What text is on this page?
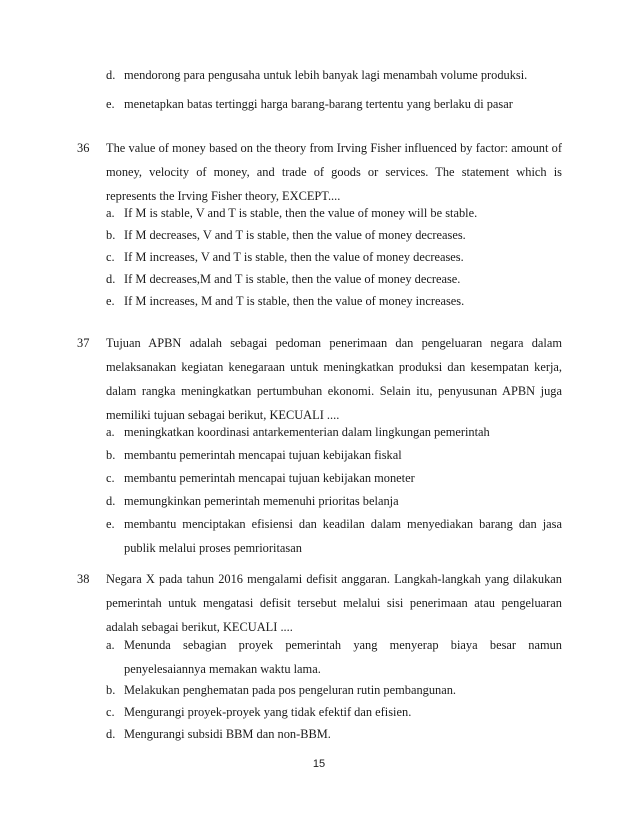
d. mendorong para pengusaha untuk lebih banyak lagi menambah volume produksi.

e. menetapkan batas tertinggi harga barang-barang tertentu yang berlaku di pasar

36 The value of money based on the theory from Irving Fisher influenced by factor: amount of money, velocity of money, and trade of goods or services. The statement which is represents the Irving Fisher theory, EXCEPT....

a. If M is stable, V and T is stable, then the value of money will be stable.

b. If M decreases, V and T is stable, then the value of money decreases.

c. If M increases, V and T is stable, then the value of money decreases.

d. If M decreases,M and T is stable, then the value of money decrease.

e. If M increases, M and T is stable, then the value of money increases.

37 Tujuan APBN adalah sebagai pedoman penerimaan dan pengeluaran negara dalam melaksanakan kegiatan kenegaraan untuk meningkatkan produksi dan kesempatan kerja, dalam rangka meningkatkan pertumbuhan ekonomi. Selain itu, penyusunan APBN juga memiliki tujuan sebagai berikut, KECUALI ....

a. meningkatkan koordinasi antarkementerian dalam lingkungan pemerintah

b. membantu pemerintah mencapai tujuan kebijakan fiskal

c. membantu pemerintah mencapai tujuan kebijakan moneter

d. memungkinkan pemerintah memenuhi prioritas belanja

e. membantu menciptakan efisiensi dan keadilan dalam menyediakan barang dan jasa publik melalui proses pemrioritasan

38 Negara X pada tahun 2016 mengalami defisit anggaran. Langkah-langkah yang dilakukan pemerintah untuk mengatasi defisit tersebut melalui sisi penerimaan atau pengeluaran adalah sebagai berikut, KECUALI ....

a. Menunda sebagian proyek pemerintah yang menyerap biaya besar namun penyelesaiannya memakan waktu lama.

b. Melakukan penghematan pada pos pengeluran rutin pembangunan.

c. Mengurangi proyek-proyek yang tidak efektif dan efisien.

d. Mengurangi subsidi BBM dan non-BBM.

15
